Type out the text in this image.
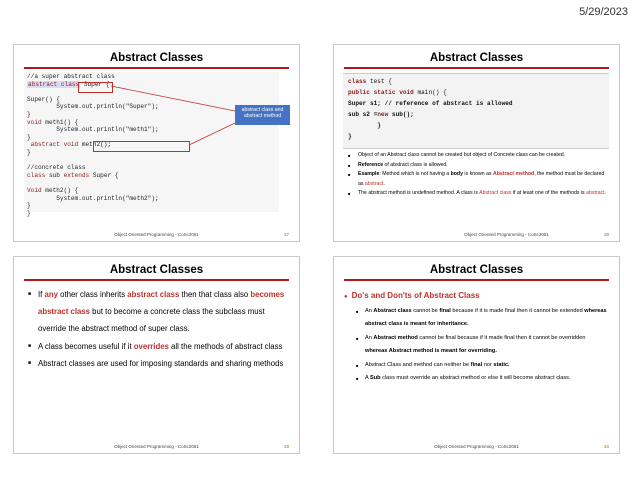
5/29/2023
Abstract Classes
//a super abstract class
abstract class Super {

Super() {
System.out.println("Super");
}
void meth1() {
System.out.println("meth1");
}
abstract void meth2();
}

//concrete class
class sub extends Super {

Void meth2() {
System.out.println("meth2");
}
}
abstract class and abstract method
Object Oriented Programming - CoSc2051	37
Abstract Classes
class test {
public static void main() {
Super s1; // reference of abstract is allowed
sub s2 =new sub();
}
}
■ Object of an Abstract class cannot be created but object of Concrete class can be created.
■ Reference of abstract class is allowed.
■ Example: Method which is not having a body is known as Abstract method, the method must be declared as abstract.
■ The abstract method is undefined method. A class is Abstract class if at least one of the methods is abstract.
Object Oriented Programming - CoSc2051	38
Abstract Classes
■ If any other class inherits abstract class then that class also becomes abstract class but to become a concrete class the subclass must override the abstract method of super class.
■ A class becomes useful if it overrides all the methods of abstract class
■ Abstract classes are used for imposing standards and sharing methods
Object Oriented Programming - CoSc2051	39
Abstract Classes
● Do's and Don'ts of Abstract Class
■ An Abstract class cannot be final because if it is made final then it cannot be extended whereas abstract class is meant for inheritance.
■ An Abstract method cannot be final because if it made final then it cannot be overridden whereas Abstract method is meant for overriding.
■ Abstract Class and method can neither be final nor static.
■ A Sub class must override an abstract method or else it will become abstract class.
Object Oriented Programming - CoSc2051	40
